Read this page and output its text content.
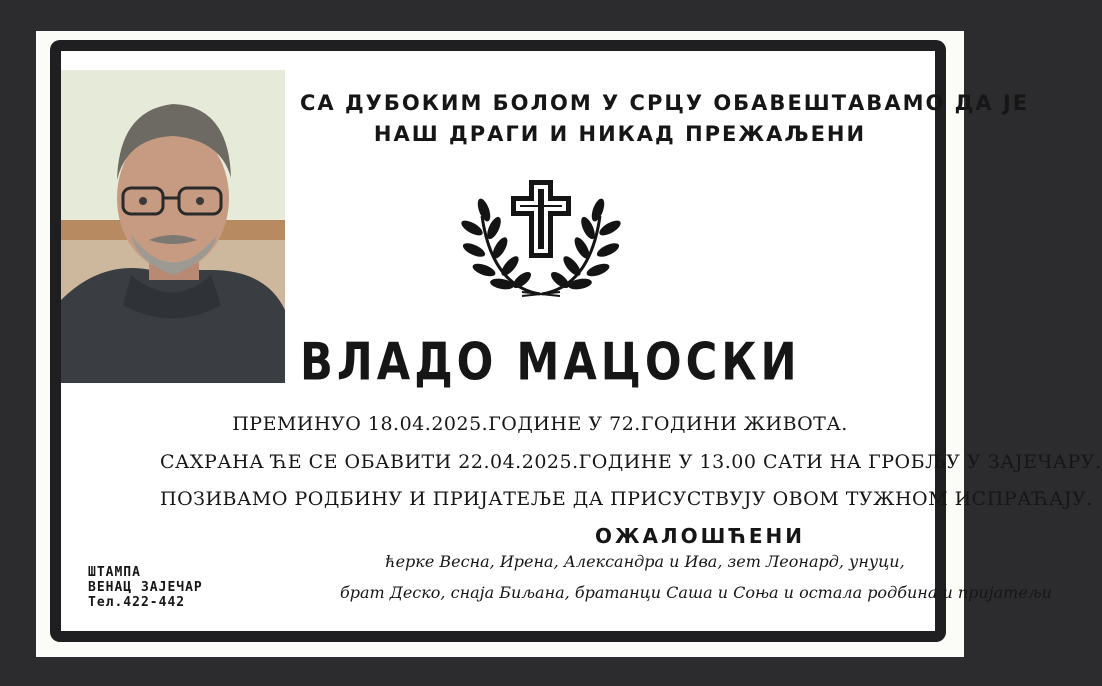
СА ДУБОКИМ БОЛОМ У СРЦУ ОБАВЕШТАВАМО ДА ЈЕ
НАШ ДРАГИ И НИКАД ПРЕЖАЉЕНИ
ВЛАДО МАЦОСКИ
ПРЕМИНУО 18.04.2025.ГОДИНЕ У 72.ГОДИНИ ЖИВОТА.
САХРАНА ЋЕ СЕ ОБАВИТИ 22.04.2025.ГОДИНЕ У 13.00 САТИ НА ГРОБЉУ У ЗАЈЕЧАРУ.
ПОЗИВАМО РОДБИНУ И ПРИЈАТЕЉЕ ДА ПРИСУСТВУЈУ ОВОМ ТУЖНОМ ИСПРАЋАЈУ.
ОЖАЛОШЋЕНИ
ћерке Весна, Ирена, Александра и Ива, зет Леонард, унуци,
брат Деско, снаја Биљана, братанци Саша и Соња и остала родбина и пријатељи
ШТАМПА
ВЕНАЦ ЗАЈЕЧАР
Тел.422-442
